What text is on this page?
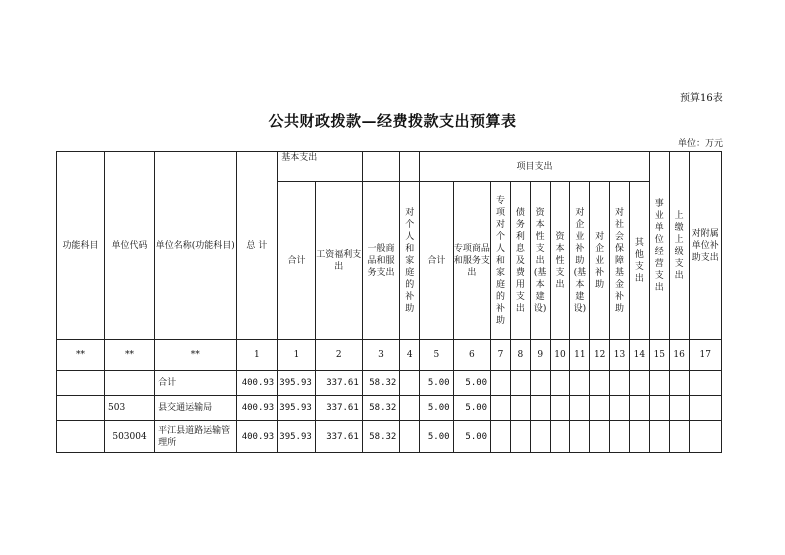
预算16表
公共财政拨款—经费拨款支出预算表
单位：万元
功能科目	单位代码	单位名称(功能科目)	总 计	基本支出				项目支出										事业单位经营支出	上缴上级支出	对附属单位补助支出
				合计	工资福利支出	一般商品和服务支出	对个人和家庭的补助	合计	专项商品和服务支出	专项对个人和家庭的补助	债务利息及费用支出	资本性支出(基本建设)	资本性支出	对企业补助(基本建设)	对企业补助	对社会保障基金补助	其他支出			
**	**	**	1	1	2	3	4	5	6	7	8	9	10	11	12	13	14	15	16	17
		合计	400.93	395.93	337.61	58.32		5.00	5.00											
	503	县交通运输局	400.93	395.93	337.61	58.32		5.00	5.00											
	503004	平江县道路运输管理所	400.93	395.93	337.61	58.32		5.00	5.00											
